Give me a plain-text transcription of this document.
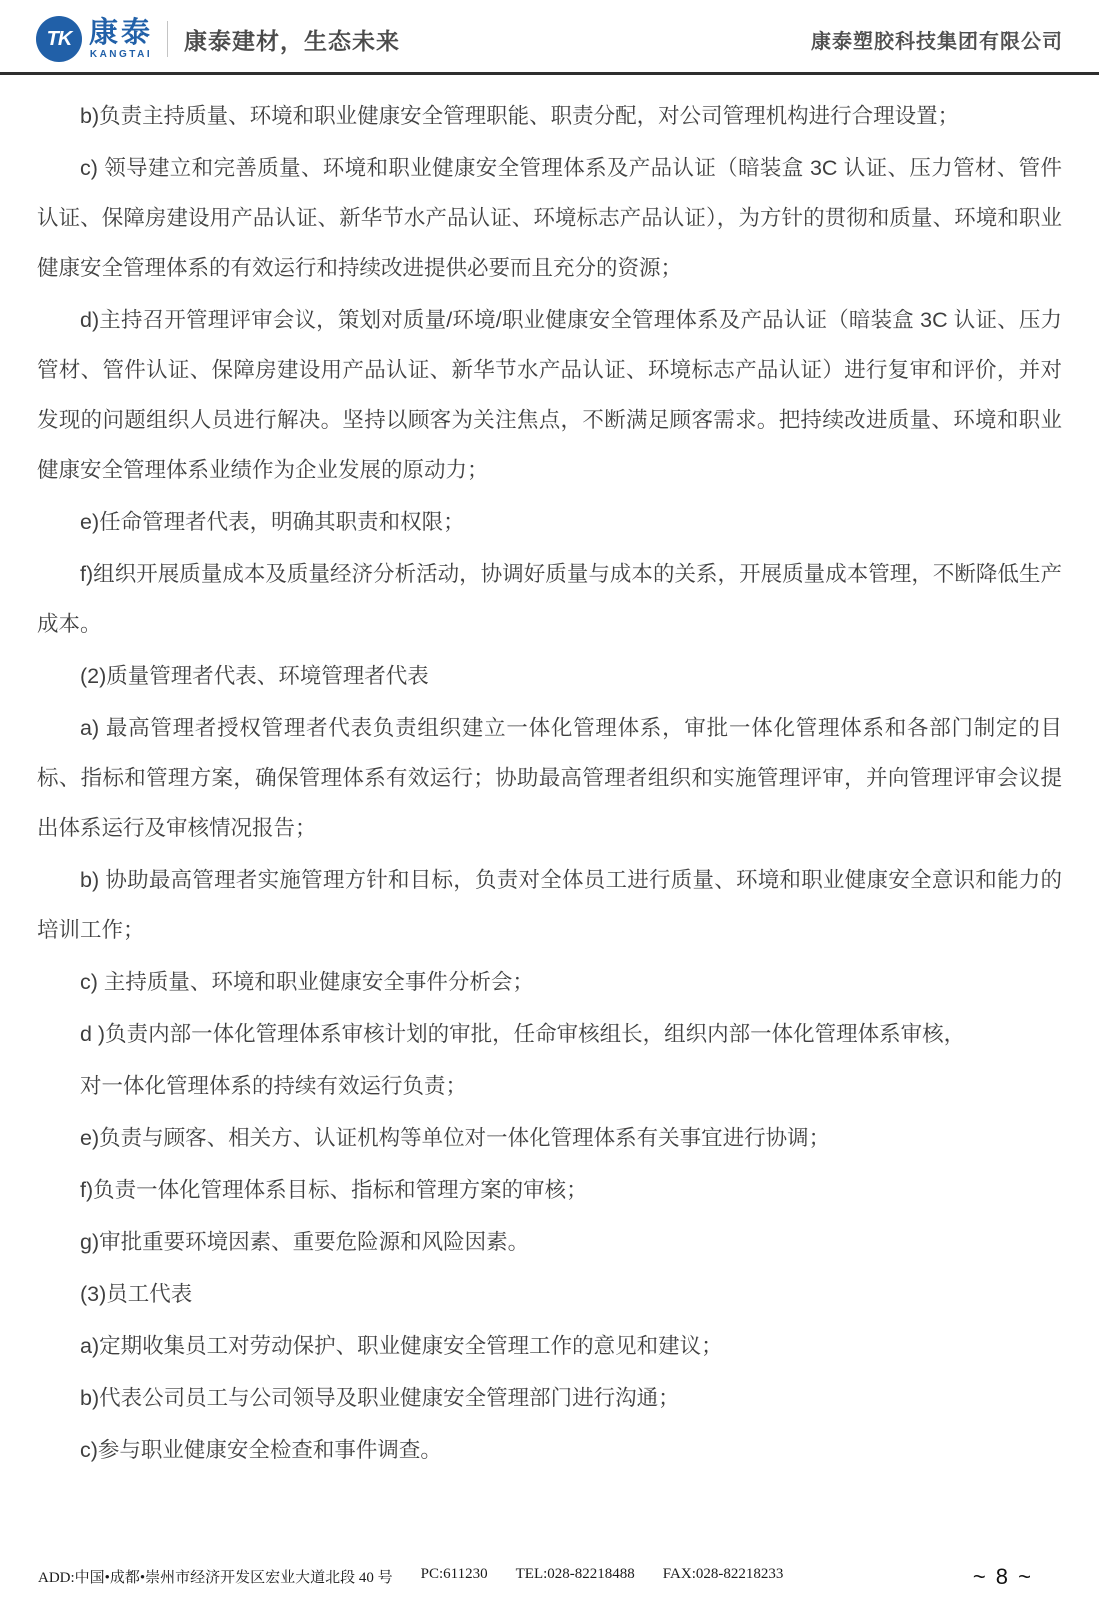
TK 康泰
KANGTAI
康泰建材，生态未来	康泰塑胶科技集团有限公司

b)负责主持质量、环境和职业健康安全管理职能、职责分配，对公司管理机构进行合理设置；

c) 领导建立和完善质量、环境和职业健康安全管理体系及产品认证（暗装盒 3C 认证、压力管材、管件认证、保障房建设用产品认证、新华节水产品认证、环境标志产品认证），为方针的贯彻和质量、环境和职业健康安全管理体系的有效运行和持续改进提供必要而且充分的资源；

d)主持召开管理评审会议，策划对质量/环境/职业健康安全管理体系及产品认证（暗装盒 3C 认证、压力管材、管件认证、保障房建设用产品认证、新华节水产品认证、环境标志产品认证）进行复审和评价，并对发现的问题组织人员进行解决。坚持以顾客为关注焦点，不断满足顾客需求。把持续改进质量、环境和职业健康安全管理体系业绩作为企业发展的原动力；

e)任命管理者代表，明确其职责和权限；

f)组织开展质量成本及质量经济分析活动，协调好质量与成本的关系，开展质量成本管理，不断降低生产成本。

(2)质量管理者代表、环境管理者代表

a) 最高管理者授权管理者代表负责组织建立一体化管理体系，审批一体化管理体系和各部门制定的目标、指标和管理方案，确保管理体系有效运行；协助最高管理者组织和实施管理评审，并向管理评审会议提出体系运行及审核情况报告；

b) 协助最高管理者实施管理方针和目标，负责对全体员工进行质量、环境和职业健康安全意识和能力的培训工作；

c) 主持质量、环境和职业健康安全事件分析会；

d )负责内部一体化管理体系审核计划的审批，任命审核组长，组织内部一体化管理体系审核，

对一体化管理体系的持续有效运行负责；

e)负责与顾客、相关方、认证机构等单位对一体化管理体系有关事宜进行协调；

f)负责一体化管理体系目标、指标和管理方案的审核；

g)审批重要环境因素、重要危险源和风险因素。

(3)员工代表

a)定期收集员工对劳动保护、职业健康安全管理工作的意见和建议；

b)代表公司员工与公司领导及职业健康安全管理部门进行沟通；

c)参与职业健康安全检查和事件调查。

ADD:中国•成都•崇州市经济开发区宏业大道北段 40 号 PC:611230 TEL:028-82218488 FAX:028-82218233	~ 8 ~
